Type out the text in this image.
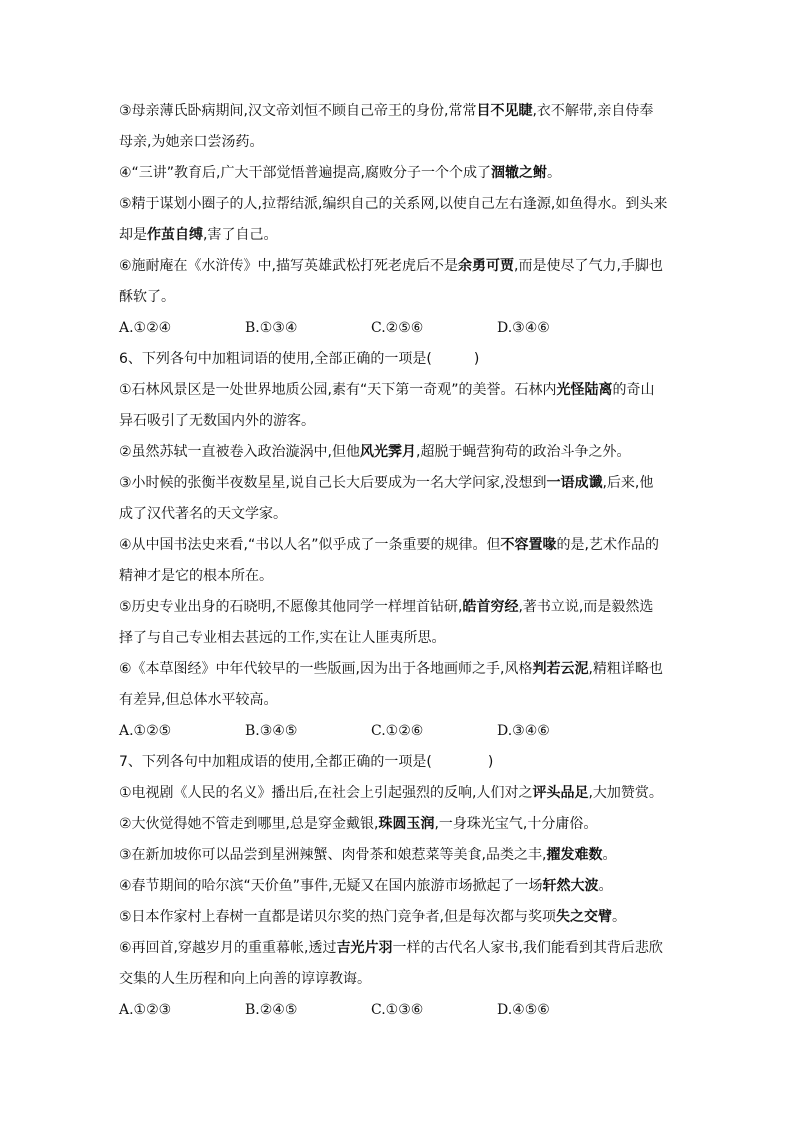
③母亲薄氏卧病期间,汉文帝刘恒不顾自己帝王的身份,常常目不见睫,衣不解带,亲自侍奉
母亲,为她亲口尝汤药。
④“三讲”教育后,广大干部觉悟普遍提高,腐败分子一个个成了涸辙之鲋。
⑤精于谋划小圈子的人,拉帮结派,编织自己的关系网,以使自己左右逢源,如鱼得水。到头来
却是作茧自缚,害了自己。
⑥施耐庵在《水浒传》中,描写英雄武松打死老虎后不是余勇可贾,而是使尽了气力,手脚也
酥软了。
A.①②④	B.①③④	C.②⑤⑥	D.③④⑥
6、下列各句中加粗词语的使用,全部正确的一项是(　　　)
①石林风景区是一处世界地质公园,素有“天下第一奇观”的美誉。石林内光怪陆离的奇山
异石吸引了无数国内外的游客。
②虽然苏轼一直被卷入政治漩涡中,但他风光霁月,超脱于蝇营狗苟的政治斗争之外。
③小时候的张衡半夜数星星,说自己长大后要成为一名大学问家,没想到一语成谶,后来,他
成了汉代著名的天文学家。
④从中国书法史来看,“书以人名”似乎成了一条重要的规律。但不容置喙的是,艺术作品的
精神才是它的根本所在。
⑤历史专业出身的石晓明,不愿像其他同学一样埋首钻研,皓首穷经,著书立说,而是毅然选
择了与自己专业相去甚远的工作,实在让人匪夷所思。
⑥《本草图经》中年代较早的一些版画,因为出于各地画师之手,风格判若云泥,精粗详略也
有差异,但总体水平较高。
A.①②⑤	B.③④⑤	C.①②⑥	D.③④⑥
7、下列各句中加粗成语的使用,全都正确的一项是(　　　　)
①电视剧《人民的名义》播出后,在社会上引起强烈的反响,人们对之评头品足,大加赞赏。
②大伙觉得她不管走到哪里,总是穿金戴银,珠圆玉润,一身珠光宝气,十分庸俗。
③在新加坡你可以品尝到星洲辣蟹、肉骨茶和娘惹菜等美食,品类之丰,擢发难数。
④春节期间的哈尔滨“天价鱼”事件,无疑又在国内旅游市场掀起了一场轩然大波。
⑤日本作家村上春树一直都是诺贝尔奖的热门竞争者,但是每次都与奖项失之交臂。
⑥再回首,穿越岁月的重重幕帐,透过吉光片羽一样的古代名人家书,我们能看到其背后悲欣
交集的人生历程和向上向善的谆谆教诲。
A.①②③	B.②④⑤	C.①③⑥	D.④⑤⑥
